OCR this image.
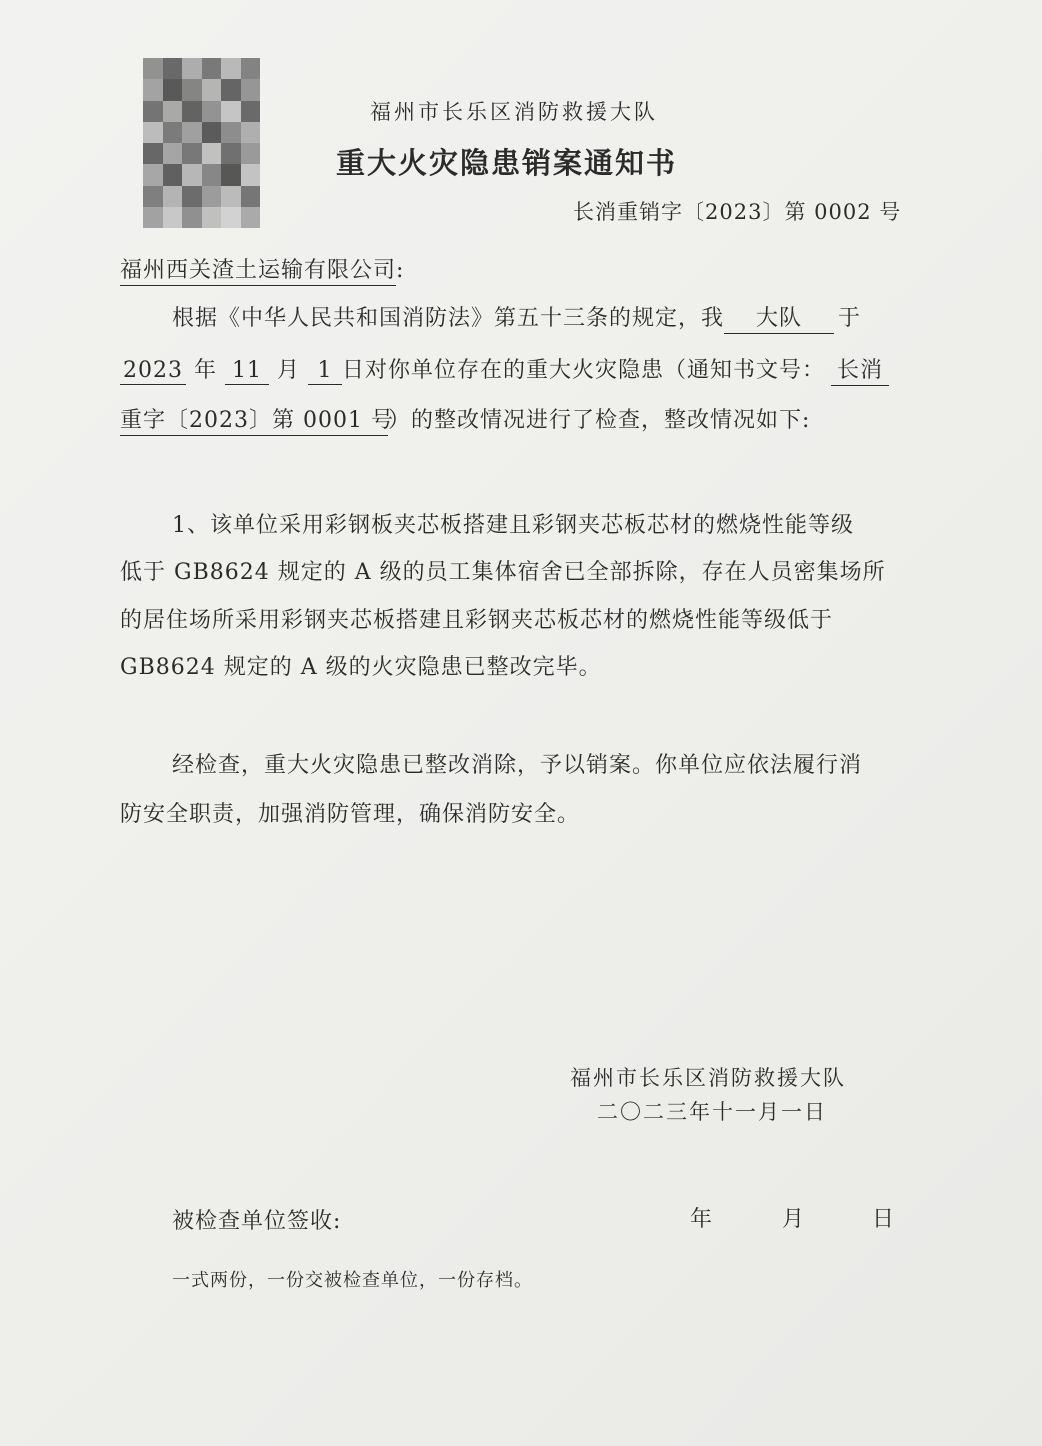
福州市长乐区消防救援大队
重大火灾隐患销案通知书
长消重销字〔2023〕第 0002 号
福州西关渣土运输有限公司:
根据《中华人民共和国消防法》第五十三条的规定，我 大队 于
2023 年 11 月 1 日对你单位存在的重大火灾隐患（通知书文号： 长消
重字〔2023〕第 0001 号）的整改情况进行了检查，整改情况如下:
1、该单位采用彩钢板夹芯板搭建且彩钢夹芯板芯材的燃烧性能等级
低于 GB8624 规定的 A 级的员工集体宿舍已全部拆除，存在人员密集场所
的居住场所采用彩钢夹芯板搭建且彩钢夹芯板芯材的燃烧性能等级低于
GB8624 规定的 A 级的火灾隐患已整改完毕。
经检查，重大火灾隐患已整改消除，予以销案。你单位应依法履行消
防安全职责，加强消防管理，确保消防安全。
福州市长乐区消防救援大队
二〇二三年十一月一日
被检查单位签收:	年	月	日
一式两份，一份交被检查单位，一份存档。
